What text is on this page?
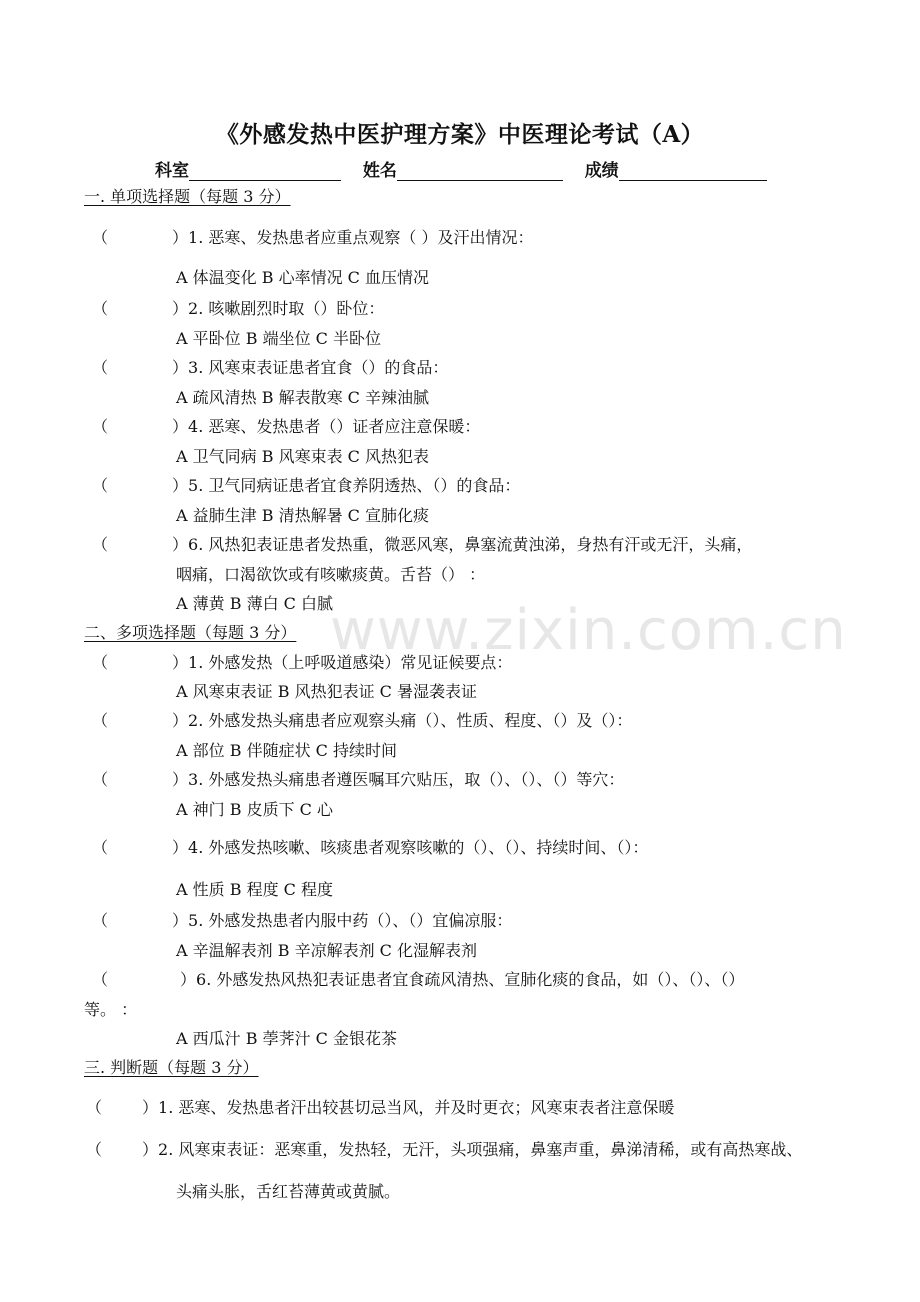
《外感发热中医护理方案》中医理论考试（A）
科室	姓名	成绩
一. 单项选择题（每题 3 分）
二、多项选择题（每题 3 分）
三. 判断题（每题 3 分）
（	）1. 恶寒、发热患者应重点观察（ ）及汗出情况：
A 体温变化 B 心率情况 C 血压情况
（	）2. 咳嗽剧烈时取（）卧位：
A 平卧位 B 端坐位 C 半卧位
（	）3. 风寒束表证患者宜食（）的食品：
A 疏风清热 B 解表散寒 C 辛辣油腻
（	）4. 恶寒、发热患者（）证者应注意保暖：
A 卫气同病 B 风寒束表 C 风热犯表
（	）5. 卫气同病证患者宜食养阴透热、（）的食品：
A 益肺生津 B 清热解暑 C 宣肺化痰
（	）6. 风热犯表证患者发热重，微恶风寒，鼻塞流黄浊涕，身热有汗或无汗，头痛，
咽痛，口渴欲饮或有咳嗽痰黄。舌苔（） ：
A 薄黄 B 薄白 C 白腻
（	）1. 外感发热（上呼吸道感染）常见证候要点：
A 风寒束表证 B 风热犯表证 C 暑湿袭表证
（	）2. 外感发热头痛患者应观察头痛（）、性质、程度、（）及（）：
A 部位 B 伴随症状 C 持续时间
（	）3. 外感发热头痛患者遵医嘱耳穴贴压，取（）、（）、（）等穴：
A 神门 B 皮质下 C 心
（	）4. 外感发热咳嗽、咳痰患者观察咳嗽的（）、（）、持续时间、（）：
A 性质 B 程度 C 程度
（	）5. 外感发热患者内服中药（）、（）宜偏凉服：
A 辛温解表剂 B 辛凉解表剂 C 化湿解表剂
（	）6. 外感发热风热犯表证患者宜食疏风清热、宣肺化痰的食品，如（）、（）、（）
等。 ：
A 西瓜汁 B 荸荠汁 C 金银花茶
（	）1. 恶寒、发热患者汗出较甚切忌当风，并及时更衣；风寒束表者注意保暖
（	）2. 风寒束表证：恶寒重，发热轻，无汗，头项强痛，鼻塞声重，鼻涕清稀，或有高热寒战、
头痛头胀，舌红苔薄黄或黄腻。
www.zixin.com.cn
